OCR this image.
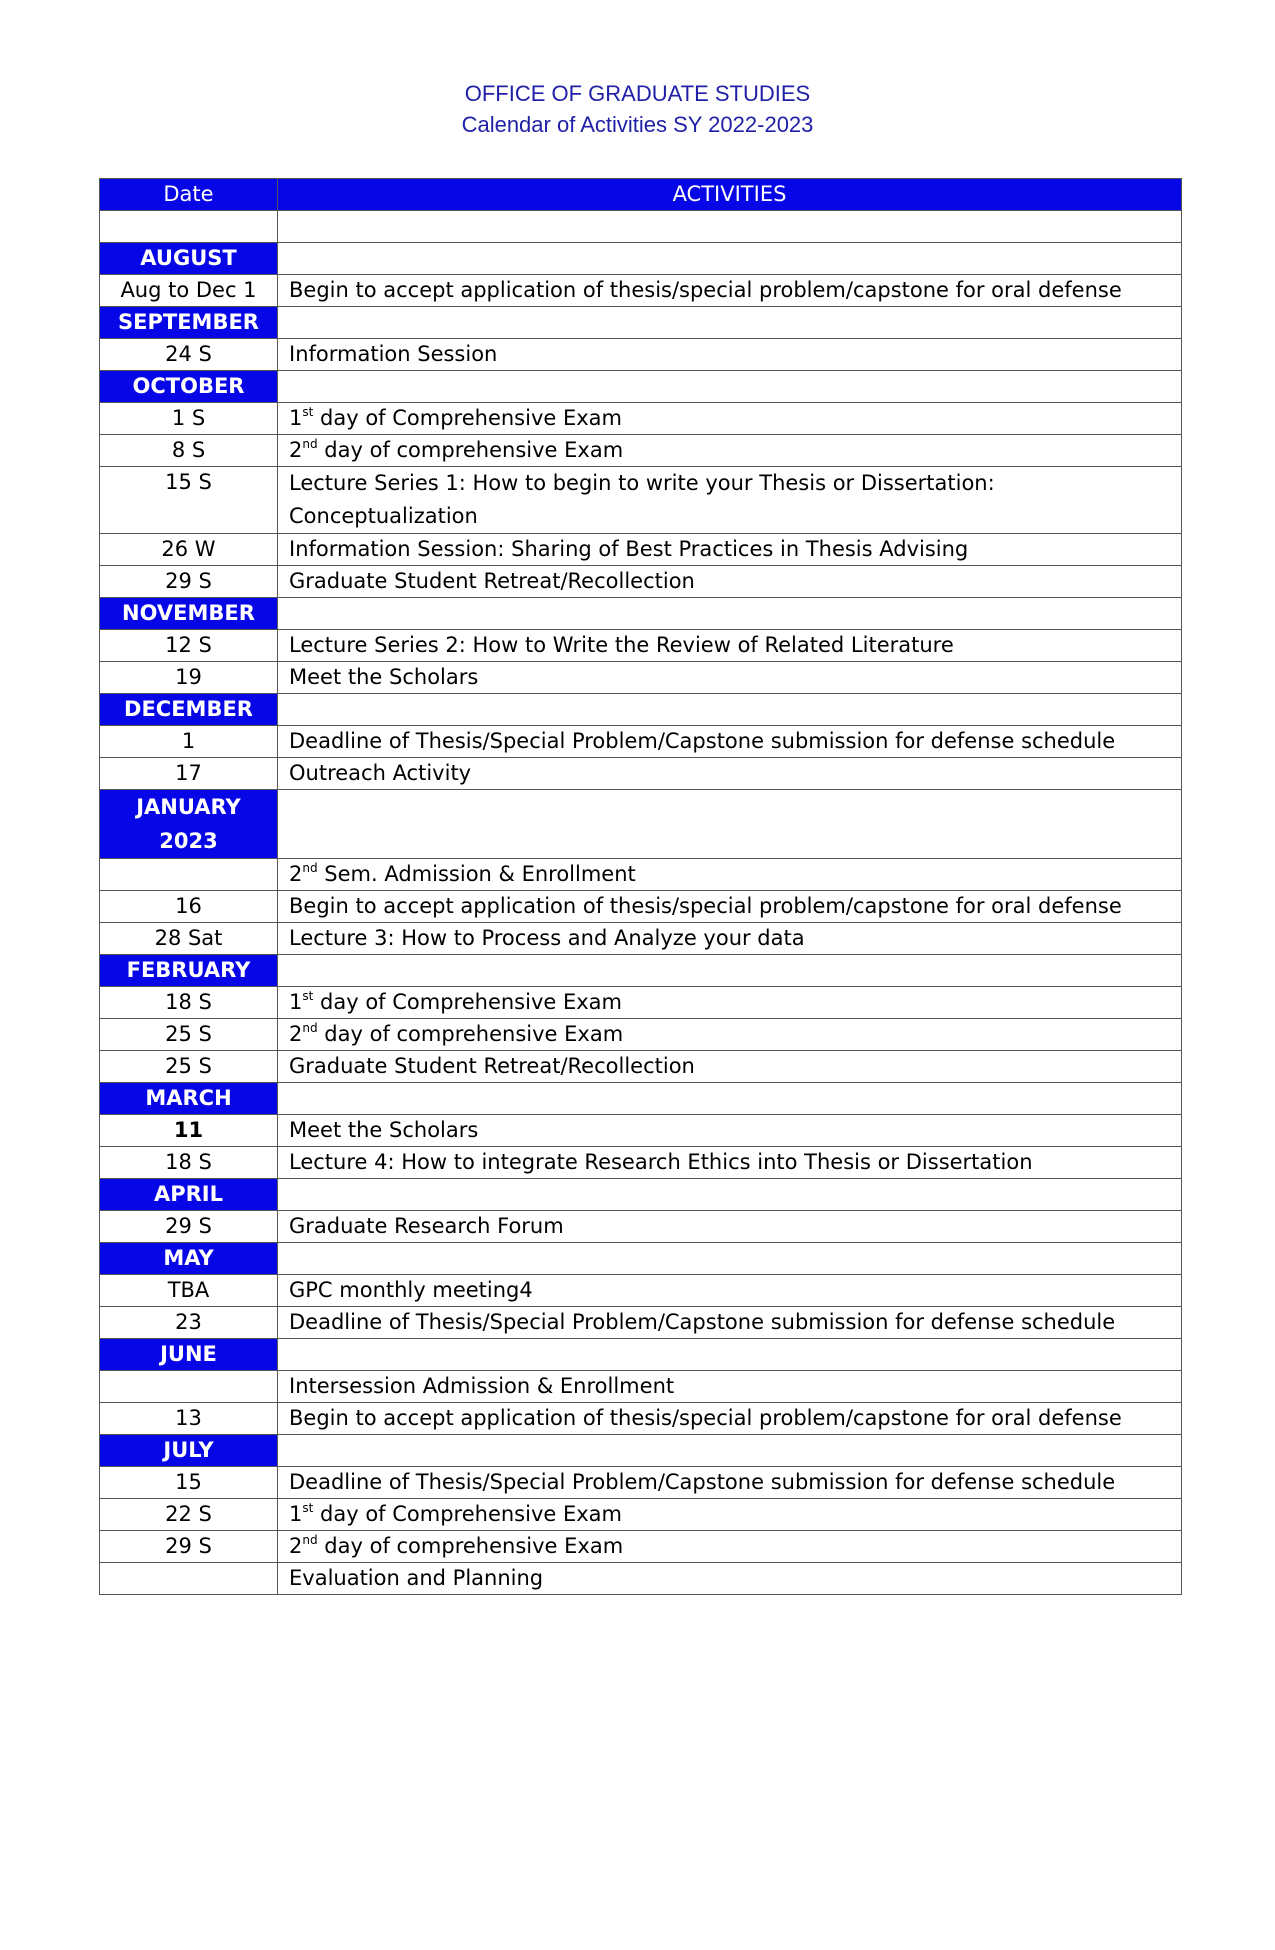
OFFICE OF GRADUATE STUDIES
Calendar of Activities SY 2022-2023
Date	ACTIVITIES

AUGUST	
Aug to Dec 1	Begin to accept application of thesis/special problem/capstone for oral defense
SEPTEMBER	
24 S	Information Session
OCTOBER	
1 S	1st day of Comprehensive Exam
8 S	2nd day of comprehensive Exam
15 S	Lecture Series 1: How to begin to write your Thesis or Dissertation: Conceptualization
26 W	Information Session: Sharing of Best Practices in Thesis Advising
29 S	Graduate Student Retreat/Recollection
NOVEMBER	
12 S	Lecture Series 2: How to Write the Review of Related Literature
19	Meet the Scholars
DECEMBER	
1	Deadline of Thesis/Special Problem/Capstone submission for defense schedule
17	Outreach Activity
JANUARY 2023	
	2nd Sem. Admission & Enrollment
16	Begin to accept application of thesis/special problem/capstone for oral defense
28 Sat	Lecture 3: How to Process and Analyze your data
FEBRUARY	
18 S	1st day of Comprehensive Exam
25 S	2nd day of comprehensive Exam
25 S	Graduate Student Retreat/Recollection
MARCH	
11	Meet the Scholars
18 S	Lecture 4: How to integrate Research Ethics into Thesis or Dissertation
APRIL	
29 S	Graduate Research Forum
MAY	
TBA	GPC monthly meeting4
23	Deadline of Thesis/Special Problem/Capstone submission for defense schedule
JUNE	
	Intersession Admission & Enrollment
13	Begin to accept application of thesis/special problem/capstone for oral defense
JULY	
15	Deadline of Thesis/Special Problem/Capstone submission for defense schedule
22 S	1st day of Comprehensive Exam
29 S	2nd day of comprehensive Exam
	Evaluation and Planning
